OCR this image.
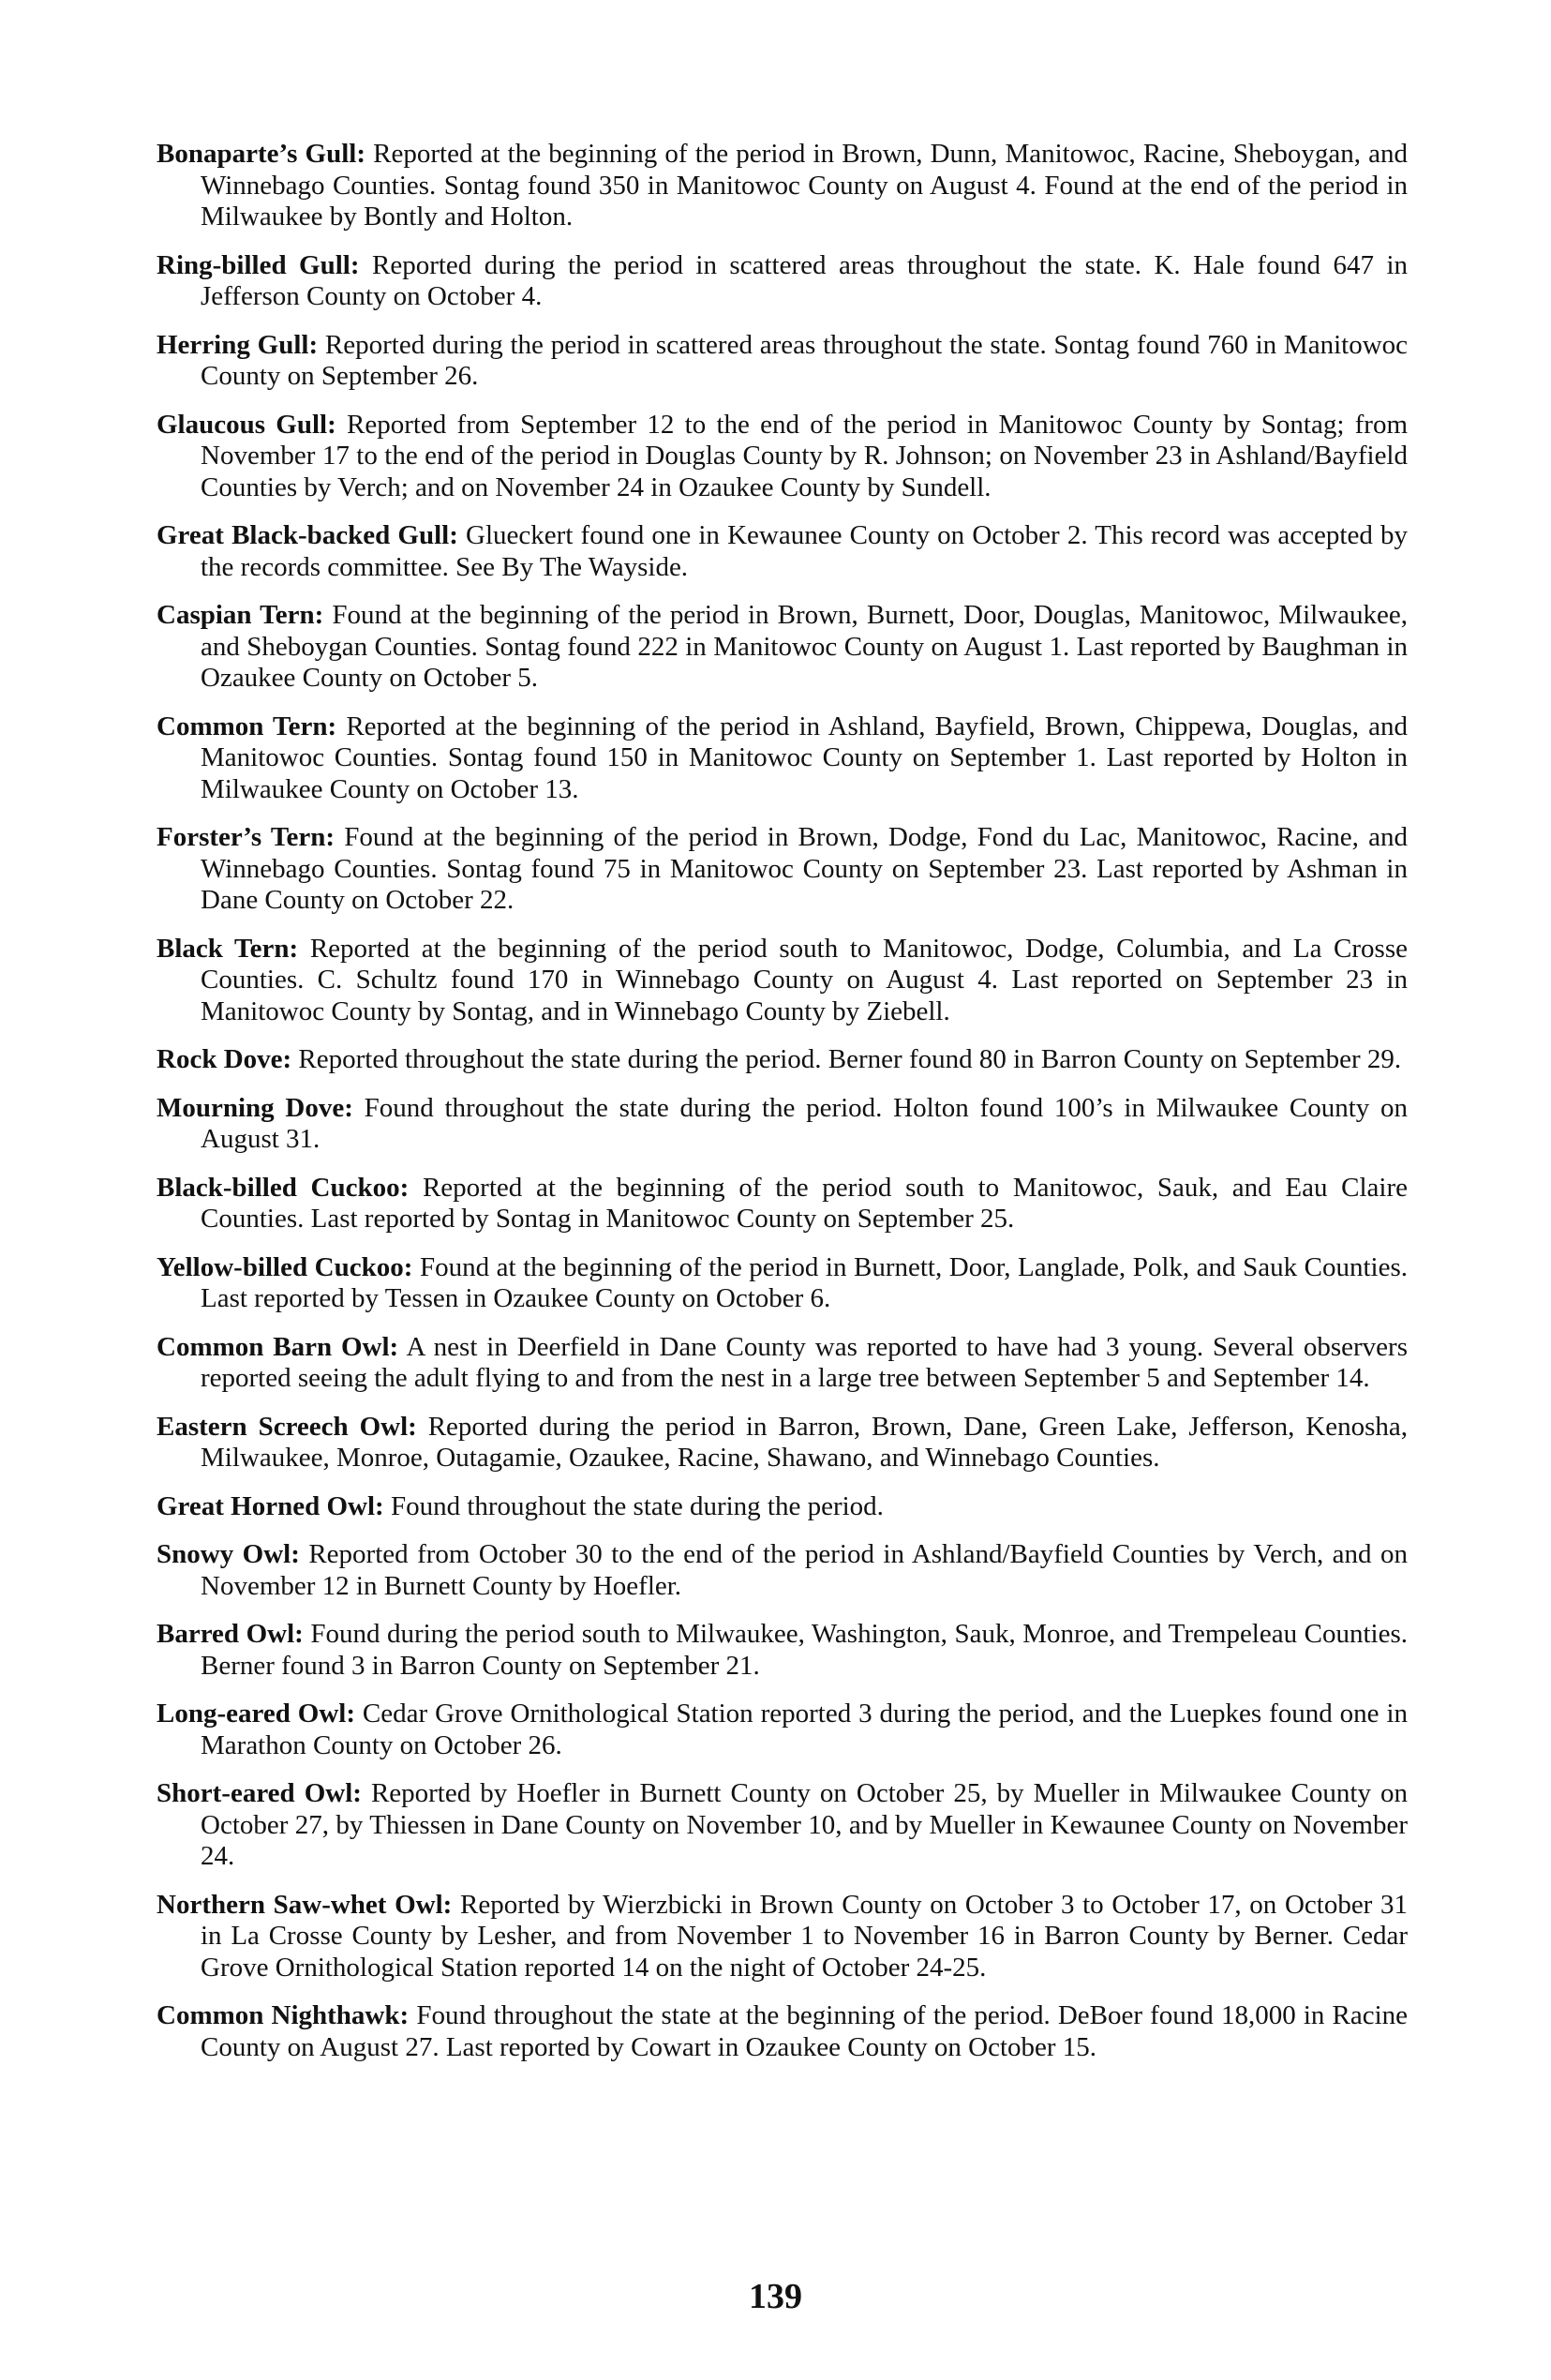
Bonaparte’s Gull: Reported at the beginning of the period in Brown, Dunn, Manitowoc, Racine, Sheboygan, and Winnebago Counties. Sontag found 350 in Manitowoc County on August 4. Found at the end of the period in Milwaukee by Bontly and Holton.

Ring-billed Gull: Reported during the period in scattered areas throughout the state. K. Hale found 647 in Jefferson County on October 4.

Herring Gull: Reported during the period in scattered areas throughout the state. Sontag found 760 in Manitowoc County on September 26.

Glaucous Gull: Reported from September 12 to the end of the period in Manitowoc County by Sontag; from November 17 to the end of the period in Douglas County by R. Johnson; on November 23 in Ashland/Bayfield Counties by Verch; and on November 24 in Ozaukee County by Sundell.

Great Black-backed Gull: Glueckert found one in Kewaunee County on October 2. This record was accepted by the records committee. See By The Wayside.

Caspian Tern: Found at the beginning of the period in Brown, Burnett, Door, Douglas, Manitowoc, Milwaukee, and Sheboygan Counties. Sontag found 222 in Manitowoc County on August 1. Last reported by Baughman in Ozaukee County on October 5.

Common Tern: Reported at the beginning of the period in Ashland, Bayfield, Brown, Chippewa, Douglas, and Manitowoc Counties. Sontag found 150 in Manitowoc County on September 1. Last reported by Holton in Milwaukee County on October 13.

Forster’s Tern: Found at the beginning of the period in Brown, Dodge, Fond du Lac, Manitowoc, Racine, and Winnebago Counties. Sontag found 75 in Manitowoc County on September 23. Last reported by Ashman in Dane County on October 22.

Black Tern: Reported at the beginning of the period south to Manitowoc, Dodge, Columbia, and La Crosse Counties. C. Schultz found 170 in Winnebago County on August 4. Last reported on September 23 in Manitowoc County by Sontag, and in Winnebago County by Ziebell.

Rock Dove: Reported throughout the state during the period. Berner found 80 in Barron County on September 29.

Mourning Dove: Found throughout the state during the period. Holton found 100’s in Milwaukee County on August 31.

Black-billed Cuckoo: Reported at the beginning of the period south to Manitowoc, Sauk, and Eau Claire Counties. Last reported by Sontag in Manitowoc County on September 25.

Yellow-billed Cuckoo: Found at the beginning of the period in Burnett, Door, Langlade, Polk, and Sauk Counties. Last reported by Tessen in Ozaukee County on October 6.

Common Barn Owl: A nest in Deerfield in Dane County was reported to have had 3 young. Several observers reported seeing the adult flying to and from the nest in a large tree between September 5 and September 14.

Eastern Screech Owl: Reported during the period in Barron, Brown, Dane, Green Lake, Jefferson, Kenosha, Milwaukee, Monroe, Outagamie, Ozaukee, Racine, Shawano, and Winnebago Counties.

Great Horned Owl: Found throughout the state during the period.

Snowy Owl: Reported from October 30 to the end of the period in Ashland/Bayfield Counties by Verch, and on November 12 in Burnett County by Hoefler.

Barred Owl: Found during the period south to Milwaukee, Washington, Sauk, Monroe, and Trempeleau Counties. Berner found 3 in Barron County on September 21.

Long-eared Owl: Cedar Grove Ornithological Station reported 3 during the period, and the Luepkes found one in Marathon County on October 26.

Short-eared Owl: Reported by Hoefler in Burnett County on October 25, by Mueller in Milwaukee County on October 27, by Thiessen in Dane County on November 10, and by Mueller in Kewaunee County on November 24.

Northern Saw-whet Owl: Reported by Wierzbicki in Brown County on October 3 to October 17, on October 31 in La Crosse County by Lesher, and from November 1 to November 16 in Barron County by Berner. Cedar Grove Ornithological Station reported 14 on the night of October 24-25.

Common Nighthawk: Found throughout the state at the beginning of the period. DeBoer found 18,000 in Racine County on August 27. Last reported by Cowart in Ozaukee County on October 15.

139
